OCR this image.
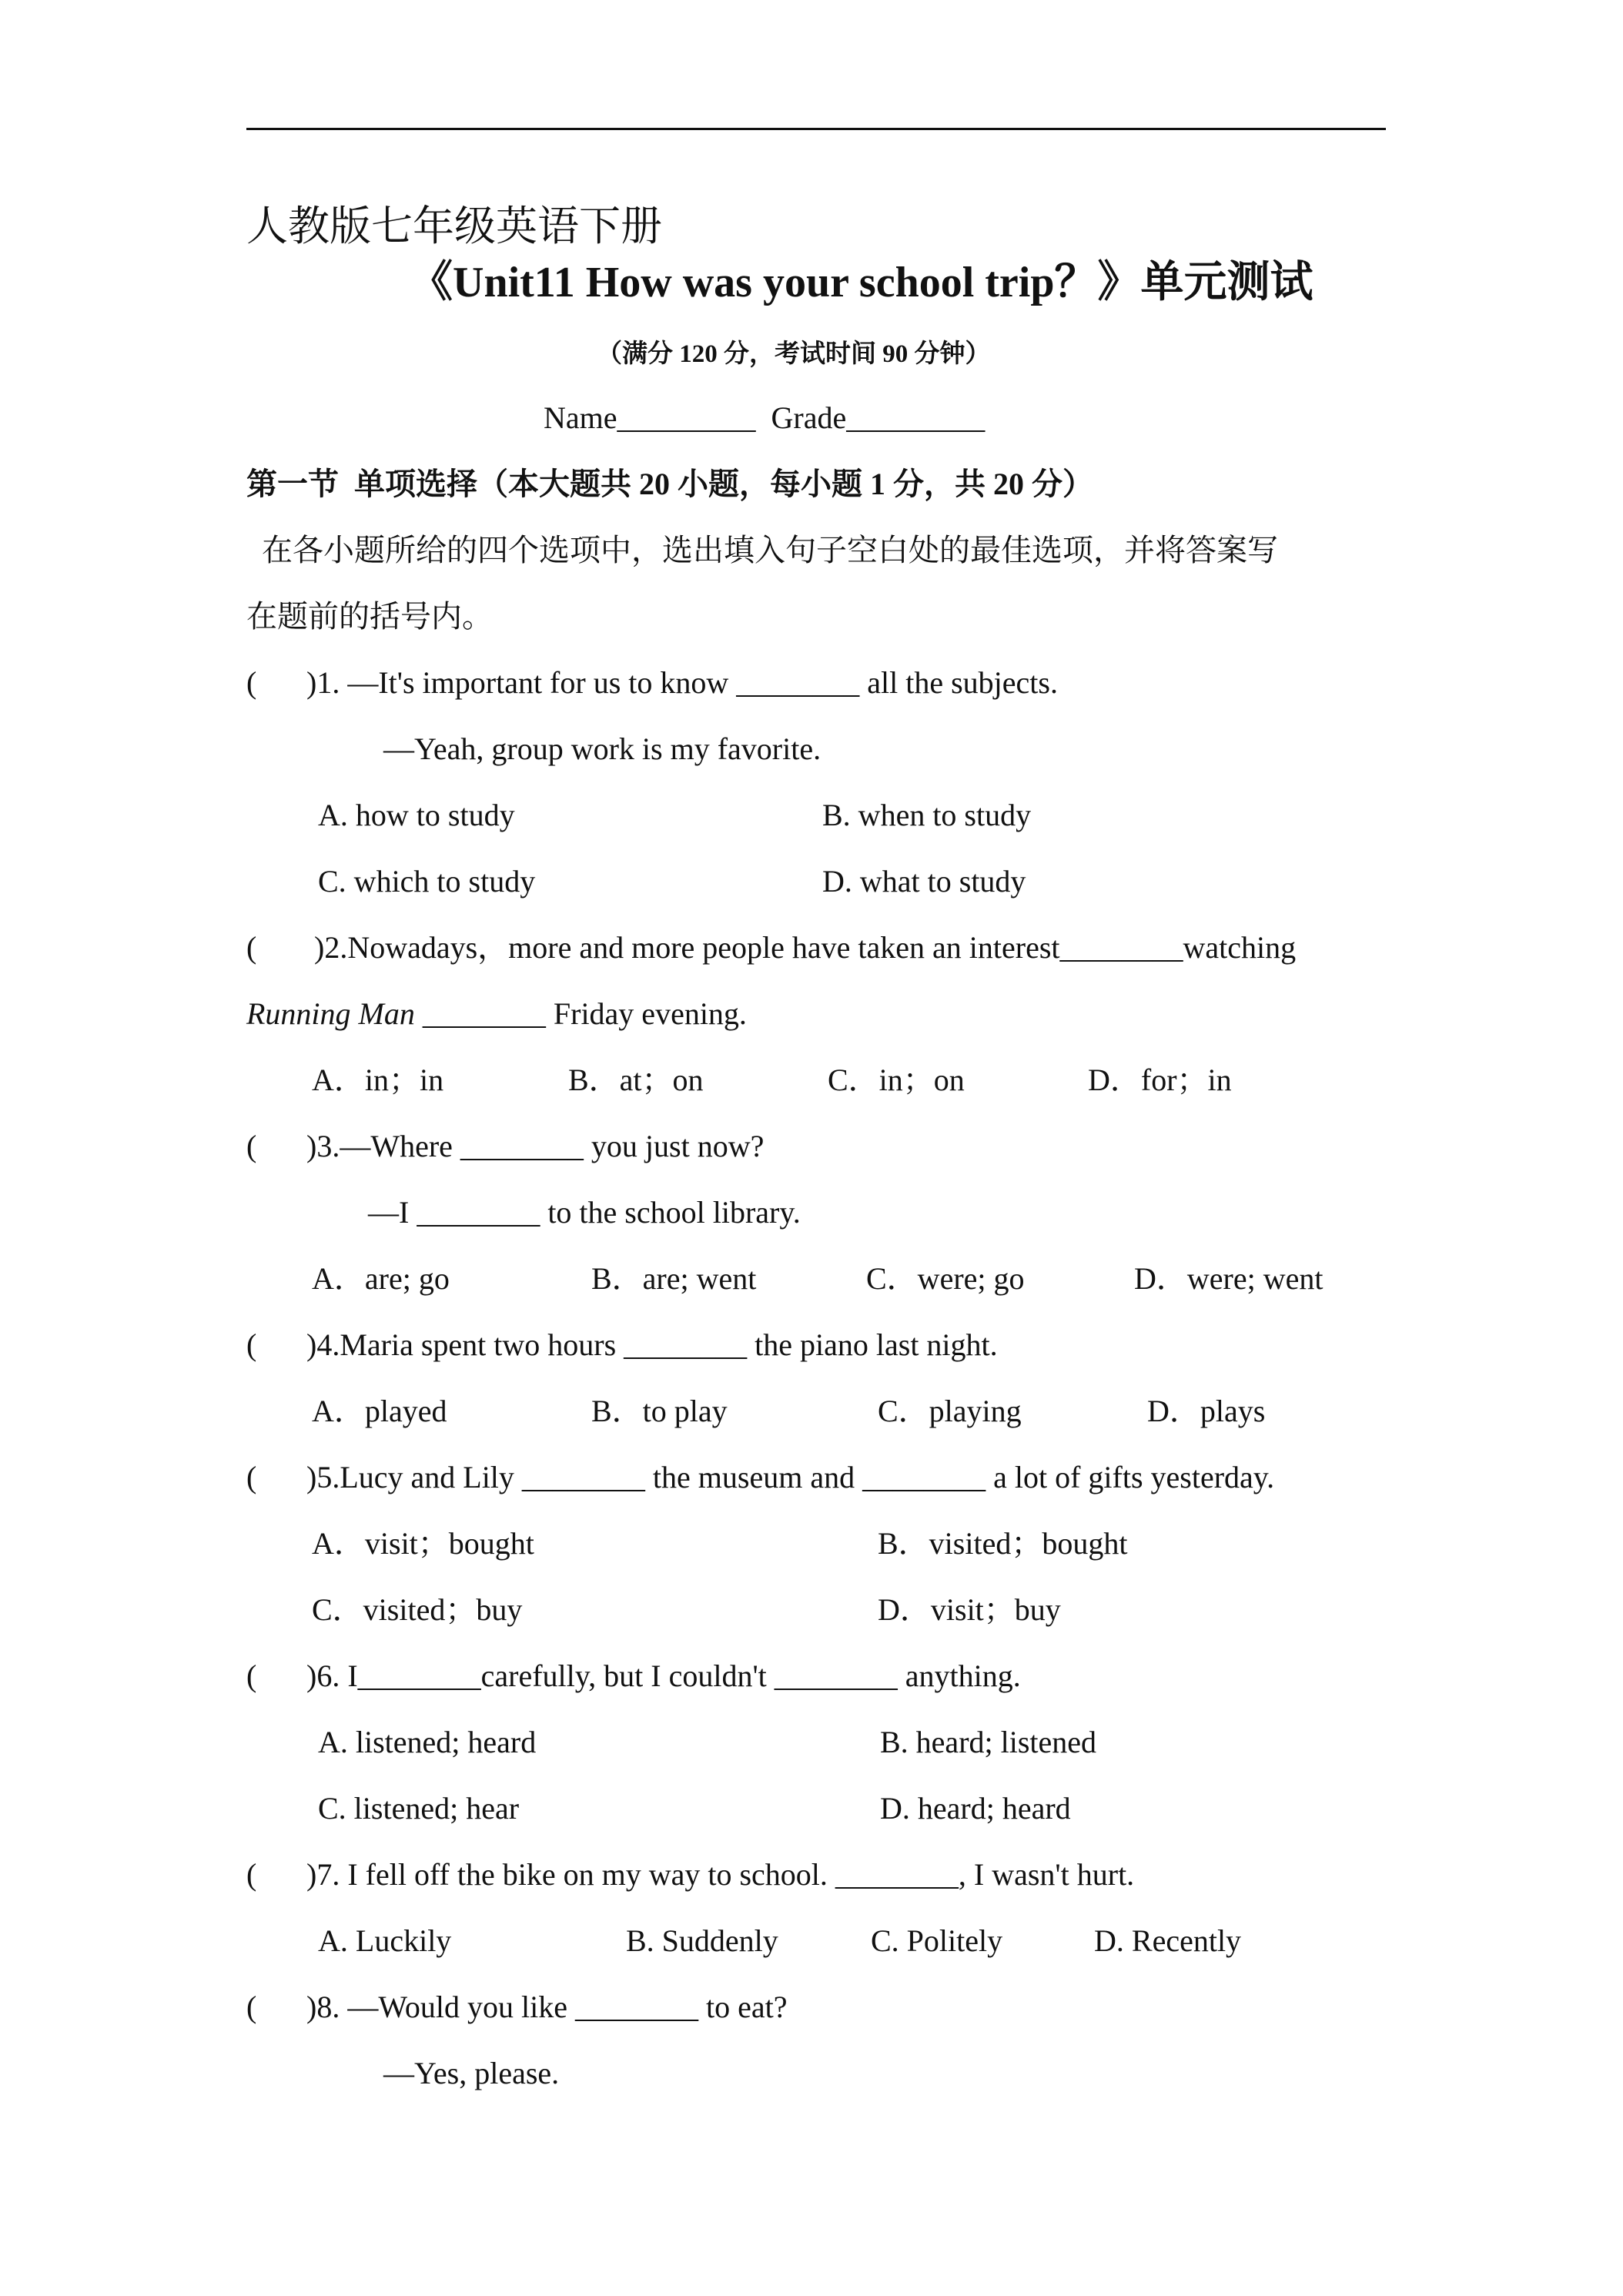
人教版七年级英语下册
《Unit11 How was your school trip？》单元测试
（满分 120 分，考试时间 90 分钟）
Name_________  Grade_________
第一节  单项选择（本大题共 20 小题，每小题 1 分，共 20 分）
在各小题所给的四个选项中，选出填入句子空白处的最佳选项，并将答案写
在题前的括号内。
( )1. —It's important for us to know ________ all the subjects.
—Yeah, group work is my favorite.
A. how to study	B. when to study
C. which to study	D. what to study
( )2.Nowadays，more and more people have taken an interest________watching
Running Man ________ Friday evening.
A．in；in	B．at；on	C．in；on	D．for；in
( )3.—Where ________ you just now?
—I ________ to the school library.
A．are; go	B．are; went	C．were; go	D．were; went
( )4.Maria spent two hours ________ the piano last night.
A．played	B．to play	C．playing	D．plays
( )5.Lucy and Lily ________ the museum and ________ a lot of gifts yesterday.
A．visit；bought	B．visited；bought
C．visited；buy	D．visit；buy
( )6. I________carefully, but I couldn't ________ anything.
A. listened; heard	B. heard; listened
C. listened; hear	D. heard; heard
( )7. I fell off the bike on my way to school. ________, I wasn't hurt.
A. Luckily	B. Suddenly	C. Politely	D. Recently
( )8. —Would you like ________ to eat?
—Yes, please.
